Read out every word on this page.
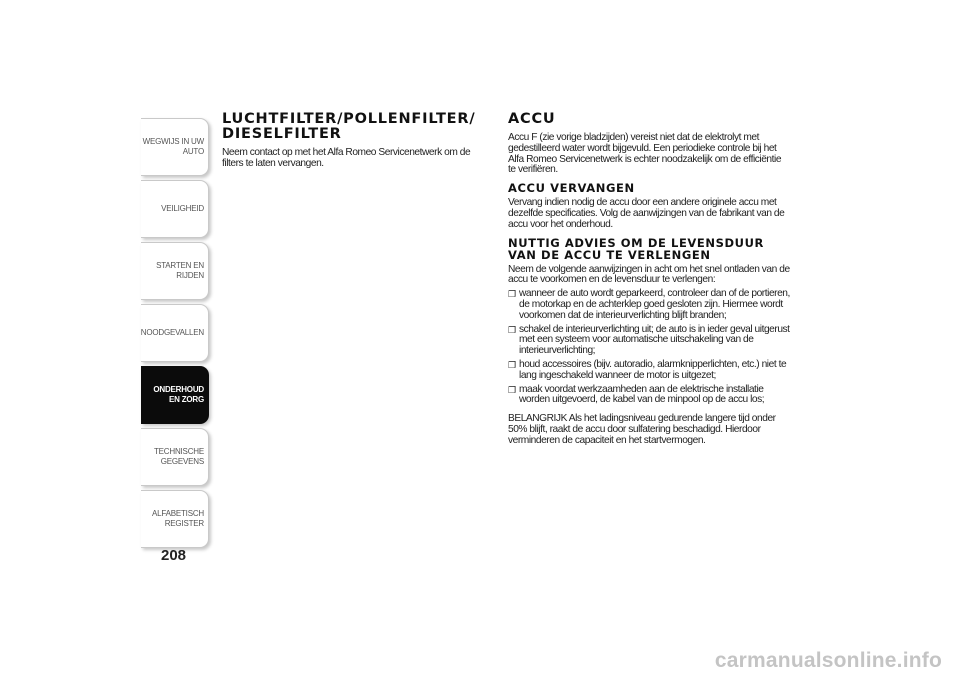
WEGWIJS IN UW AUTO
VEILIGHEID
STARTEN EN RIJDEN
NOODGEVALLEN
ONDERHOUD EN ZORG
TECHNISCHE GEGEVENS
ALFABETISCH REGISTER
208
LUCHTFILTER/POLLENFILTER/ DIESELFILTER

Neem contact op met het Alfa Romeo Servicenetwerk om de filters te laten vervangen.

ACCU

Accu F (zie vorige bladzijden) vereist niet dat de elektrolyt met gedestilleerd water wordt bijgevuld. Een periodieke controle bij het Alfa Romeo Servicenetwerk is echter noodzakelijk om de efficiëntie te verifiëren.

ACCU VERVANGEN

Vervang indien nodig de accu door een andere originele accu met dezelfde specificaties. Volg de aanwijzingen van de fabrikant van de accu voor het onderhoud.

NUTTIG ADVIES OM DE LEVENSDUUR VAN DE ACCU TE VERLENGEN

Neem de volgende aanwijzingen in acht om het snel ontladen van de accu te voorkomen en de levensduur te verlengen:

❒ wanneer de auto wordt geparkeerd, controleer dan of de portieren, de motorkap en de achterklep goed gesloten zijn. Hiermee wordt voorkomen dat de interieurverlichting blijft branden;
❒ schakel de interieurverlichting uit; de auto is in ieder geval uitgerust met een systeem voor automatische uitschakeling van de interieurverlichting;
❒ houd accessoires (bijv. autoradio, alarmknipperlichten, etc.) niet te lang ingeschakeld wanneer de motor is uitgezet;
❒ maak voordat werkzaamheden aan de elektrische installatie worden uitgevoerd, de kabel van de minpool op de accu los;

BELANGRIJK Als het ladingsniveau gedurende langere tijd onder 50% blijft, raakt de accu door sulfatering beschadigd. Hierdoor verminderen de capaciteit en het startvermogen.

carmanualsonline.info
